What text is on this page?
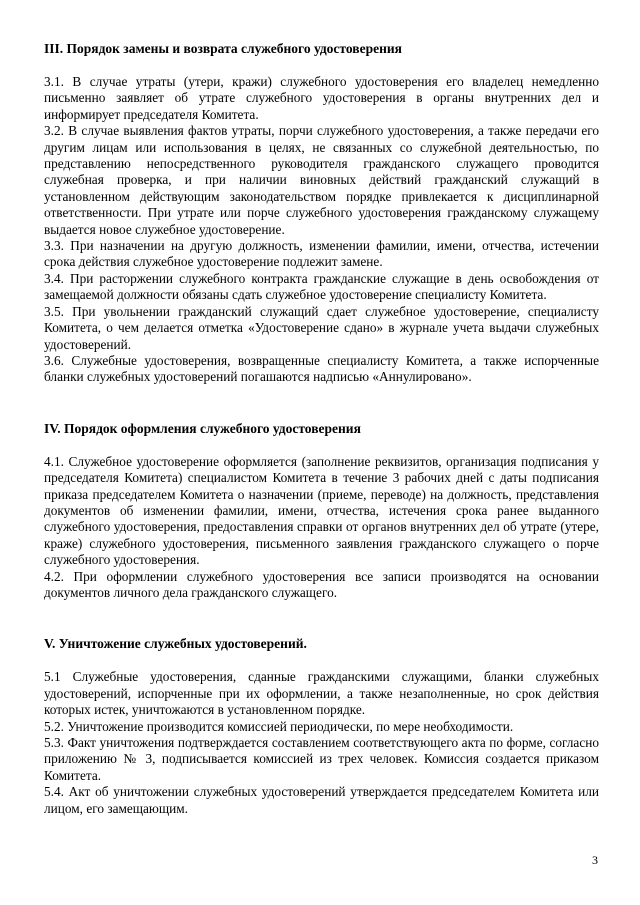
III. Порядок замены и возврата служебного удостоверения

3.1. В случае утраты (утери, кражи) служебного удостоверения его владелец немедленно письменно заявляет об утрате служебного удостоверения в органы внутренних дел и информирует председателя Комитета.

3.2. В случае выявления фактов утраты, порчи служебного удостоверения, а также передачи его другим лицам или использования в целях, не связанных со служебной деятельностью, по представлению непосредственного руководителя гражданского служащего проводится служебная проверка, и при наличии виновных действий гражданский служащий в установленном действующим законодательством порядке привлекается к дисциплинарной ответственности. При утрате или порче служебного удостоверения гражданскому служащему выдается новое служебное удостоверение.

3.3. При назначении на другую должность, изменении фамилии, имени, отчества, истечении срока действия служебное удостоверение подлежит замене.

3.4. При расторжении служебного контракта гражданские служащие в день освобождения от замещаемой должности обязаны сдать служебное удостоверение специалисту Комитета.

3.5. При увольнении гражданский служащий сдает служебное удостоверение, специалисту Комитета, о чем делается отметка «Удостоверение сдано» в журнале учета выдачи служебных удостоверений.

3.6. Служебные удостоверения, возвращенные специалисту Комитета, а также испорченные бланки служебных удостоверений погашаются надписью «Аннулировано».

IV. Порядок оформления служебного удостоверения

4.1. Служебное удостоверение оформляется (заполнение реквизитов, организация подписания у председателя Комитета) специалистом Комитета в течение 3 рабочих дней с даты подписания приказа председателем Комитета о назначении (приеме, переводе) на должность, представления документов об изменении фамилии, имени, отчества, истечения срока ранее выданного служебного удостоверения, предоставления справки от органов внутренних дел об утрате (утере, краже) служебного удостоверения, письменного заявления гражданского служащего о порче служебного удостоверения.

4.2. При оформлении служебного удостоверения все записи производятся на основании документов личного дела гражданского служащего.

V. Уничтожение служебных удостоверений.

5.1 Служебные удостоверения, сданные гражданскими служащими, бланки служебных удостоверений, испорченные при их оформлении, а также незаполненные, но срок действия которых истек, уничтожаются в установленном порядке.

5.2. Уничтожение производится комиссией периодически, по мере необходимости.

5.3. Факт уничтожения подтверждается составлением соответствующего акта по форме, согласно приложению № 3, подписывается комиссией из трех человек. Комиссия создается приказом Комитета.

5.4. Акт об уничтожении служебных удостоверений утверждается председателем Комитета или лицом, его замещающим.

3
